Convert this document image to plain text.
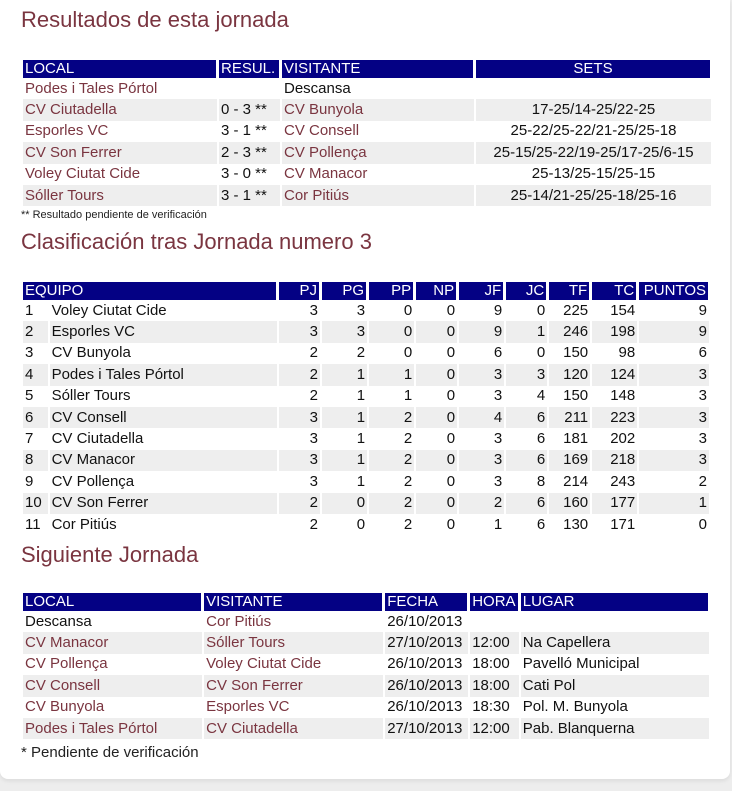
Resultados de esta jornada
LOCAL	RESUL.	VISITANTE	SETS
Podes i Tales Pórtol		Descansa	
CV Ciutadella	0 - 3 **	CV Bunyola	17-25/14-25/22-25
Esporles VC	3 - 1 **	CV Consell	25-22/25-22/21-25/25-18
CV Son Ferrer	2 - 3 **	CV Pollença	25-15/25-22/19-25/17-25/6-15
Voley Ciutat Cide	3 - 0 **	CV Manacor	25-13/25-15/25-15
Sóller Tours	3 - 1 **	Cor Pitiús	25-14/21-25/25-18/25-16
** Resultado pendiente de verificación
Clasificación tras Jornada numero 3
EQUIPO		PJ	PG	PP	NP	JF	JC	TF	TC	PUNTOS
1	Voley Ciutat Cide	3	3	0	0	9	0	225	154	9
2	Esporles VC	3	3	0	0	9	1	246	198	9
3	CV Bunyola	2	2	0	0	6	0	150	98	6
4	Podes i Tales Pórtol	2	1	1	0	3	3	120	124	3
5	Sóller Tours	2	1	1	0	3	4	150	148	3
6	CV Consell	3	1	2	0	4	6	211	223	3
7	CV Ciutadella	3	1	2	0	3	6	181	202	3
8	CV Manacor	3	1	2	0	3	6	169	218	3
9	CV Pollença	3	1	2	0	3	8	214	243	2
10	CV Son Ferrer	2	0	2	0	2	6	160	177	1
11	Cor Pitiús	2	0	2	0	1	6	130	171	0
Siguiente Jornada
LOCAL	VISITANTE	FECHA	HORA	LUGAR
Descansa	Cor Pitiús	26/10/2013		
CV Manacor	Sóller Tours	27/10/2013	12:00	Na Capellera
CV Pollença	Voley Ciutat Cide	26/10/2013	18:00	Pavelló Municipal
CV Consell	CV Son Ferrer	26/10/2013	18:00	Cati Pol
CV Bunyola	Esporles VC	26/10/2013	18:30	Pol. M. Bunyola
Podes i Tales Pórtol	CV Ciutadella	27/10/2013	12:00	Pab. Blanquerna
* Pendiente de verificación
